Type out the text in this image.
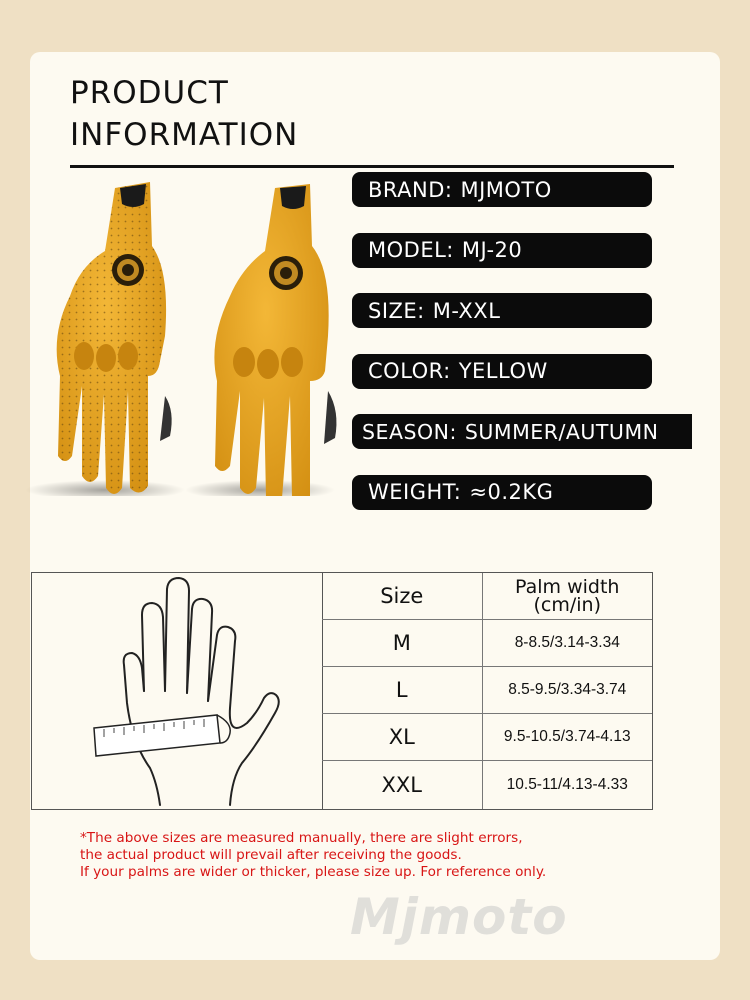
PRODUCT
INFORMATION
BRAND: MJMOTO
MODEL: MJ-20
SIZE: M-XXL
COLOR: YELLOW
SEASON: SUMMER/AUTUMN
WEIGHT: ≈0.2KG
Size	Palm width
(cm/in)
M	8-8.5/3.14-3.34
L	8.5-9.5/3.34-3.74
XL	9.5-10.5/3.74-4.13
XXL	10.5-11/4.13-4.33
Mjmoto

*The above sizes are measured manually, there are slight errors,
the actual product will prevail after receiving the goods.
If your palms are wider or thicker, please size up. For reference only.
